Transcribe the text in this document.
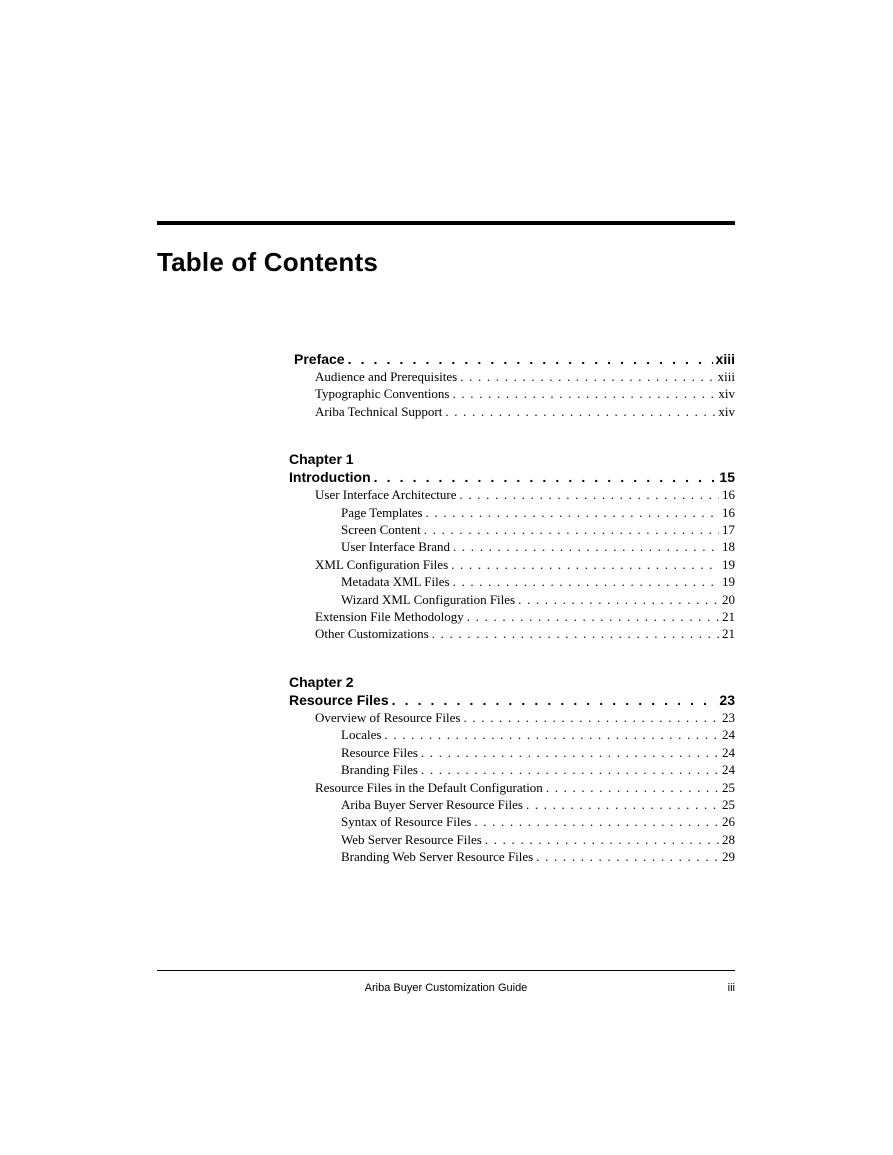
Table of Contents
Preface . . .	xiii
Audience and Prerequisites . . .	xiii
Typographic Conventions . . .	xiv
Ariba Technical Support . . .	xiv
Chapter 1
Introduction . . .	15
User Interface Architecture . . .	16
Page Templates . . .	16
Screen Content . . .	17
User Interface Brand . . .	18
XML Configuration Files . . .	19
Metadata XML Files . . .	19
Wizard XML Configuration Files . . .	20
Extension File Methodology . . .	21
Other Customizations . . .	21
Chapter 2
Resource Files . . .	23
Overview of Resource Files . . .	23
Locales . . .	24
Resource Files . . .	24
Branding Files . . .	24
Resource Files in the Default Configuration . . .	25
Ariba Buyer Server Resource Files . . .	25
Syntax of Resource Files . . .	26
Web Server Resource Files . . .	28
Branding Web Server Resource Files . . .	29
Ariba Buyer Customization Guide	iii
